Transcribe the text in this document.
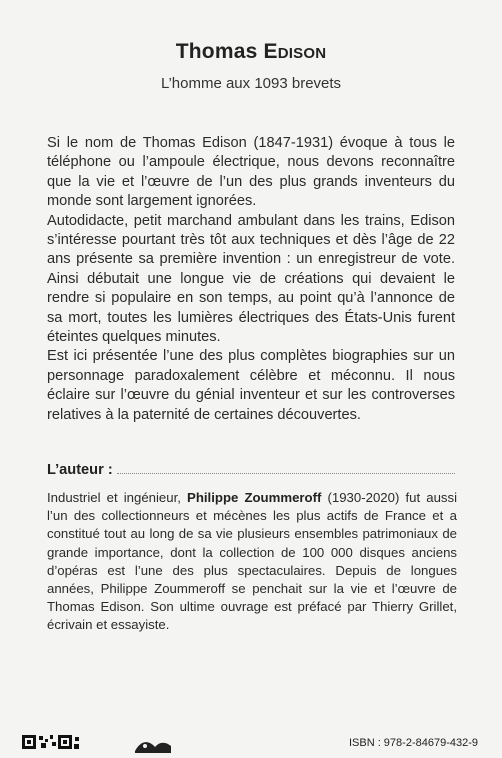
Thomas Edison
L’homme aux 1093 brevets

Si le nom de Thomas Edison (1847-1931) évoque à tous le téléphone ou l’ampoule électrique, nous devons reconnaître que la vie et l’œuvre de l’un des plus grands inventeurs du monde sont largement ignorées.

Autodidacte, petit marchand ambulant dans les trains, Edison s’intéresse pourtant très tôt aux techniques et dès l’âge de 22 ans présente sa première invention : un enregistreur de vote. Ainsi débutait une longue vie de créations qui devaient le rendre si populaire en son temps, au point qu’à l’annonce de sa mort, toutes les lumières électriques des États-Unis furent éteintes quelques minutes.

Est ici présentée l’une des plus complètes biographies sur un personnage paradoxalement célèbre et méconnu. Il nous éclaire sur l’œuvre du génial inventeur et sur les controverses relatives à la paternité de certaines découvertes.

L’auteur :
Industriel et ingénieur, Philippe Zoummeroff (1930-2020) fut aussi l’un des collectionneurs et mécènes les plus actifs de France et a constitué tout au long de sa vie plusieurs ensembles patrimoniaux de grande importance, dont la collection de 100 000 disques anciens d’opéras est l’une des plus spectaculaires. Depuis de longues années, Philippe Zoummeroff se penchait sur la vie et l’œuvre de Thomas Edison. Son ultime ouvrage est préfacé par Thierry Grillet, écrivain et essayiste.
ISBN : 978-2-84679-432-9
